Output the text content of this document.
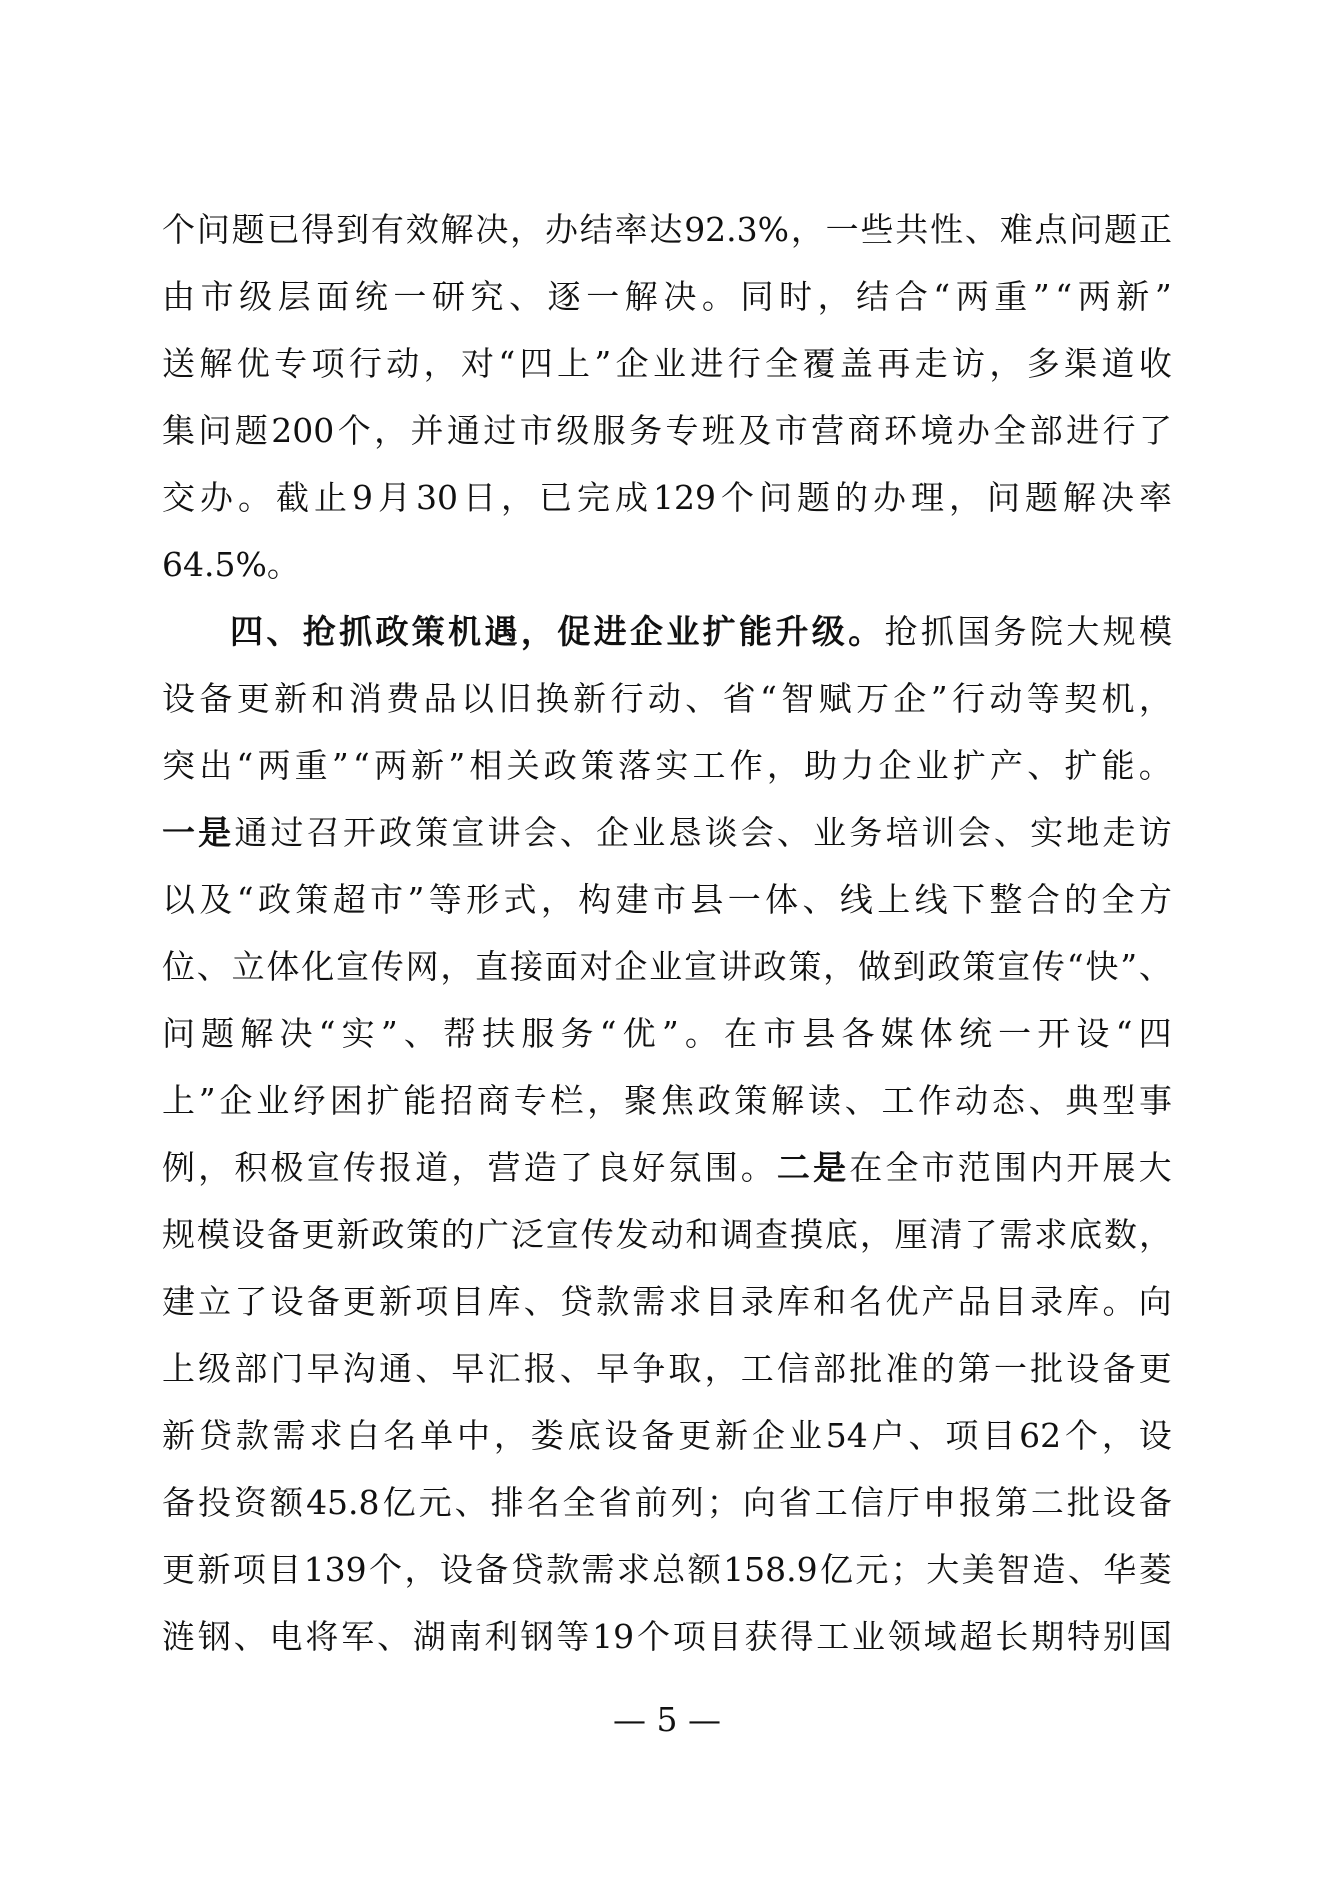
个 问 题 已 得 到 有 效 解 决 ， 办 结 率 达 92.3% ， 一 些 共 性 、 难 点 问 题 正
由 市 级 层 面 统 一 研 究 、 逐 一 解 决 。 同 时 ， 结 合 “ 两 重 ” “ 两 新 ”
送 解 优 专 项 行 动 ， 对 “ 四 上 ” 企 业 进 行 全 覆 盖 再 走 访 ， 多 渠 道 收
集 问 题 200 个 ， 并 通 过 市 级 服 务 专 班 及 市 营 商 环 境 办 全 部 进 行 了
交 办 。 截 止 9 月 30 日 ， 已 完 成 129 个 问 题 的 办 理 ， 问 题 解 决 率
64.5% 。
四 、 抢 抓 政 策 机 遇 ， 促 进 企 业 扩 能 升 级 。 抢 抓 国 务 院 大 规 模
设 备 更 新 和 消 费 品 以 旧 换 新 行 动 、 省 “ 智 赋 万 企 ” 行 动 等 契 机 ，
突 出 “ 两 重 ” “ 两 新 ” 相 关 政 策 落 实 工 作 ， 助 力 企 业 扩 产 、 扩 能 。
一 是 通 过 召 开 政 策 宣 讲 会 、 企 业 恳 谈 会 、 业 务 培 训 会 、 实 地 走 访
以 及 “ 政 策 超 市 ” 等 形 式 ， 构 建 市 县 一 体 、 线 上 线 下 整 合 的 全 方
位 、 立 体 化 宣 传 网 ， 直 接 面 对 企 业 宣 讲 政 策 ， 做 到 政 策 宣 传 “ 快 ” 、
问 题 解 决 “ 实 ” 、 帮 扶 服 务 “ 优 ” 。 在 市 县 各 媒 体 统 一 开 设 “ 四
上 ” 企 业 纾 困 扩 能 招 商 专 栏 ， 聚 焦 政 策 解 读 、 工 作 动 态 、 典 型 事
例 ， 积 极 宣 传 报 道 ， 营 造 了 良 好 氛 围 。 二 是 在 全 市 范 围 内 开 展 大
规 模 设 备 更 新 政 策 的 广 泛 宣 传 发 动 和 调 查 摸 底 ， 厘 清 了 需 求 底 数 ，
建 立 了 设 备 更 新 项 目 库 、 贷 款 需 求 目 录 库 和 名 优 产 品 目 录 库 。 向
上 级 部 门 早 沟 通 、 早 汇 报 、 早 争 取 ， 工 信 部 批 准 的 第 一 批 设 备 更
新 贷 款 需 求 白 名 单 中 ， 娄 底 设 备 更 新 企 业 54 户 、 项 目 62 个 ， 设
备 投 资 额 45.8 亿 元 、 排 名 全 省 前 列 ； 向 省 工 信 厅 申 报 第 二 批 设 备
更 新 项 目 139 个 ， 设 备 贷 款 需 求 总 额 158.9 亿 元 ； 大 美 智 造 、 华 菱
涟 钢 、 电 将 军 、 湖 南 利 钢 等 19 个 项 目 获 得 工 业 领 域 超 长 期 特 别 国
— 5 —
